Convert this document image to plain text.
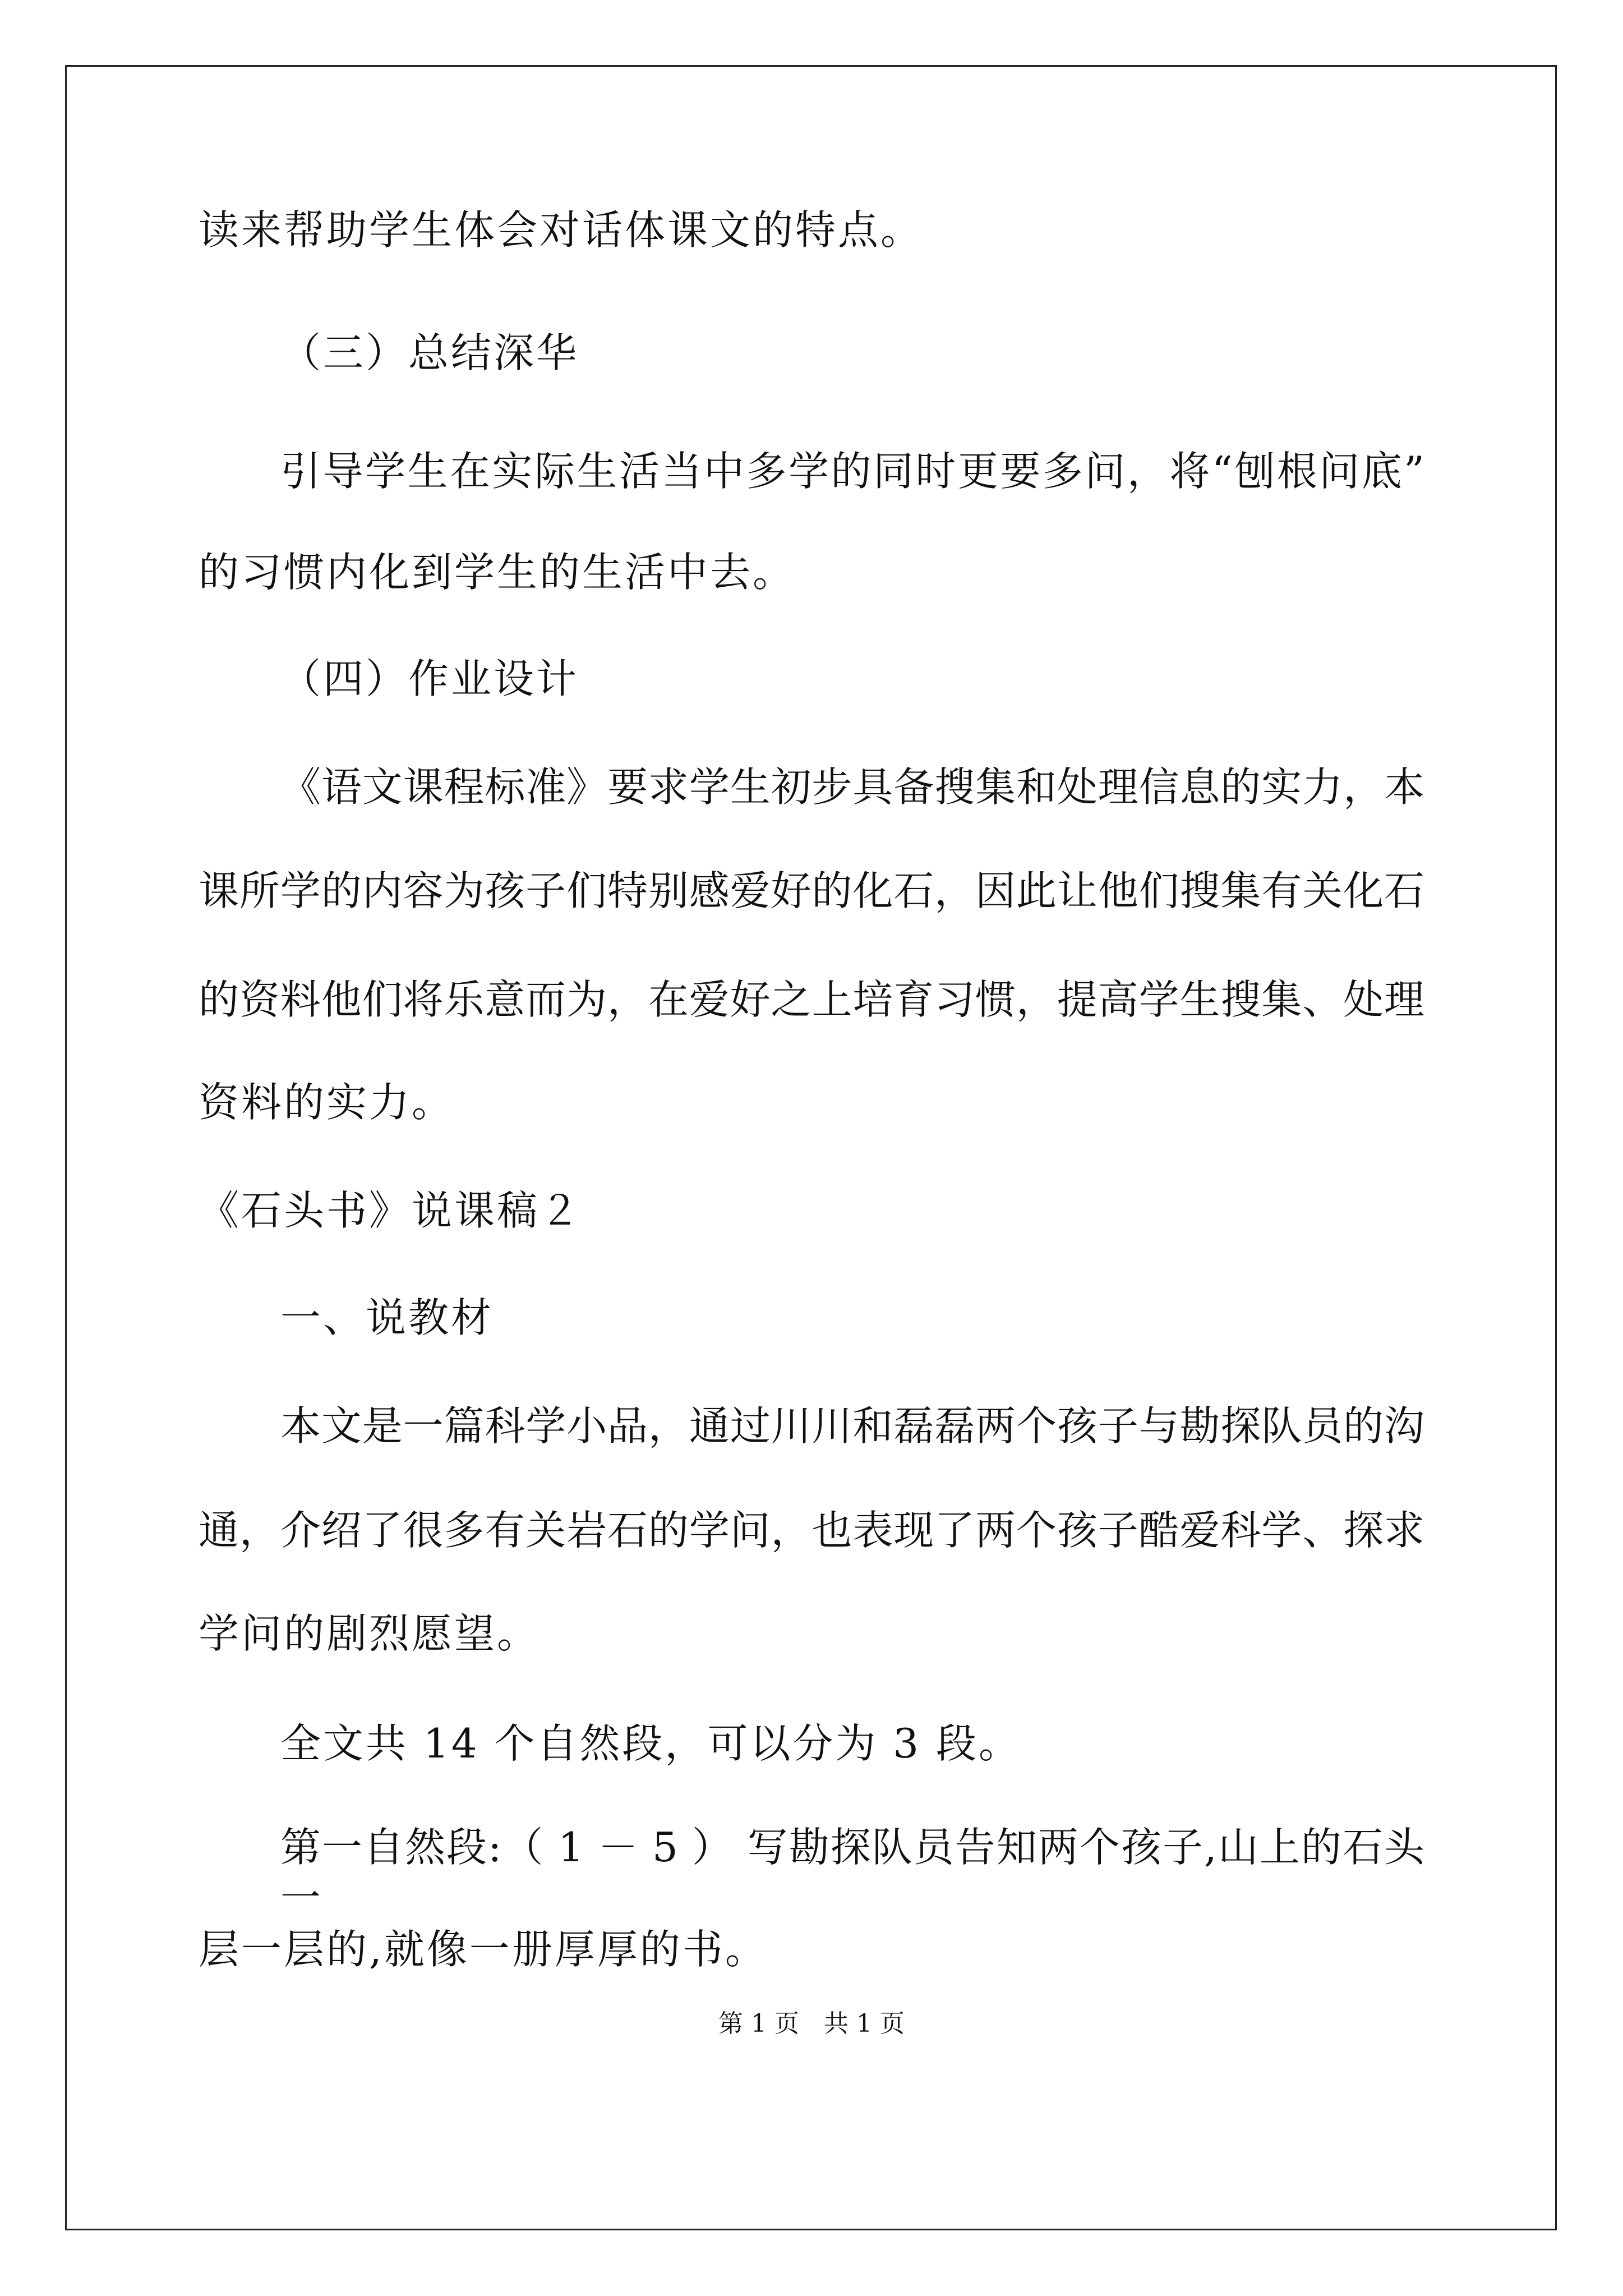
读来帮助学生体会对话体课文的特点。
（三）总结深华
引导学生在实际生活当中多学的同时更要多问，将“刨根问底”
的习惯内化到学生的生活中去。
（四）作业设计
《语文课程标准》要求学生初步具备搜集和处理信息的实力，本
课所学的内容为孩子们特别感爱好的化石，因此让他们搜集有关化石
的资料他们将乐意而为，在爱好之上培育习惯，提高学生搜集、处理
资料的实力。
《石头书》说课稿２
一、说教材
本文是一篇科学小品，通过川川和磊磊两个孩子与勘探队员的沟
通，介绍了很多有关岩石的学问，也表现了两个孩子酷爱科学、探求
学问的剧烈愿望。
全文共 14 个自然段，可以分为 3 段。
第一自然段:（ 1 － 5 ） 写勘探队员告知两个孩子,山上的石头一
层一层的,就像一册厚厚的书。
第 1 页　共 1 页
